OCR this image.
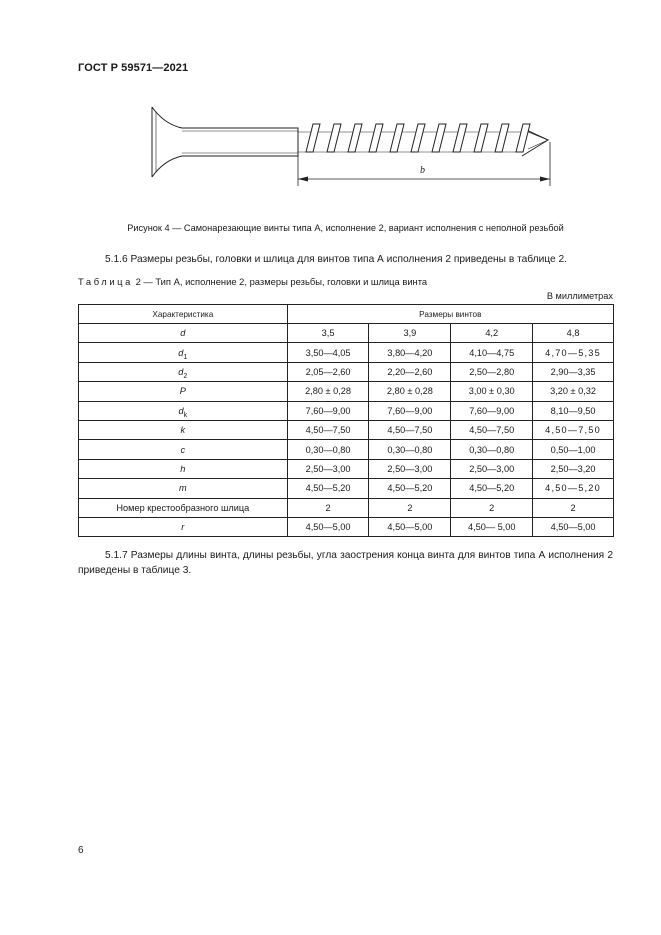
ГОСТ Р 59571—2021
b
Рисунок 4 — Самонарезающие винты типа А, исполнение 2, вариант исполнения с неполной резьбой
5.1.6 Размеры резьбы, головки и шлица для винтов типа А исполнения 2 приведены в таблице 2.
Таблица 2 — Тип А, исполнение 2, размеры резьбы, головки и шлица винта
В миллиметрах
Характеристика	Размеры винтов			
d	3,5	3,9	4,2	4,8
$d_1$	3,50—4,05	3,80—4,20	4,10—4,75	4,70—5,35
$d_2$	2,05—2,60	2,20—2,60	2,50—2,80	2,90—3,35
P	2,80 ± 0,28	2,80 ± 0,28	3,00 ± 0,30	3,20 ± 0,32
$d_k$	7,60—9,00	7,60—9,00	7,60—9,00	8,10—9,50
k	4,50—7,50	4,50—7,50	4,50—7,50	4,50—7,50
c	0,30—0,80	0,30—0,80	0,30—0,80	0,50—1,00
h	2,50—3,00	2,50—3,00	2,50—3,00	2,50—3,20
m	4,50—5,20	4,50—5,20	4,50—5,20	4,50—5,20
Номер крестообразного шлица	2	2	2	2
r	4,50—5,00	4,50—5,00	4,50— 5,00	4,50—5,00
5.1.7 Размеры длины винта, длины резьбы, угла заострения конца винта для винтов типа А исполнения 2 приведены в таблице 3.
6
